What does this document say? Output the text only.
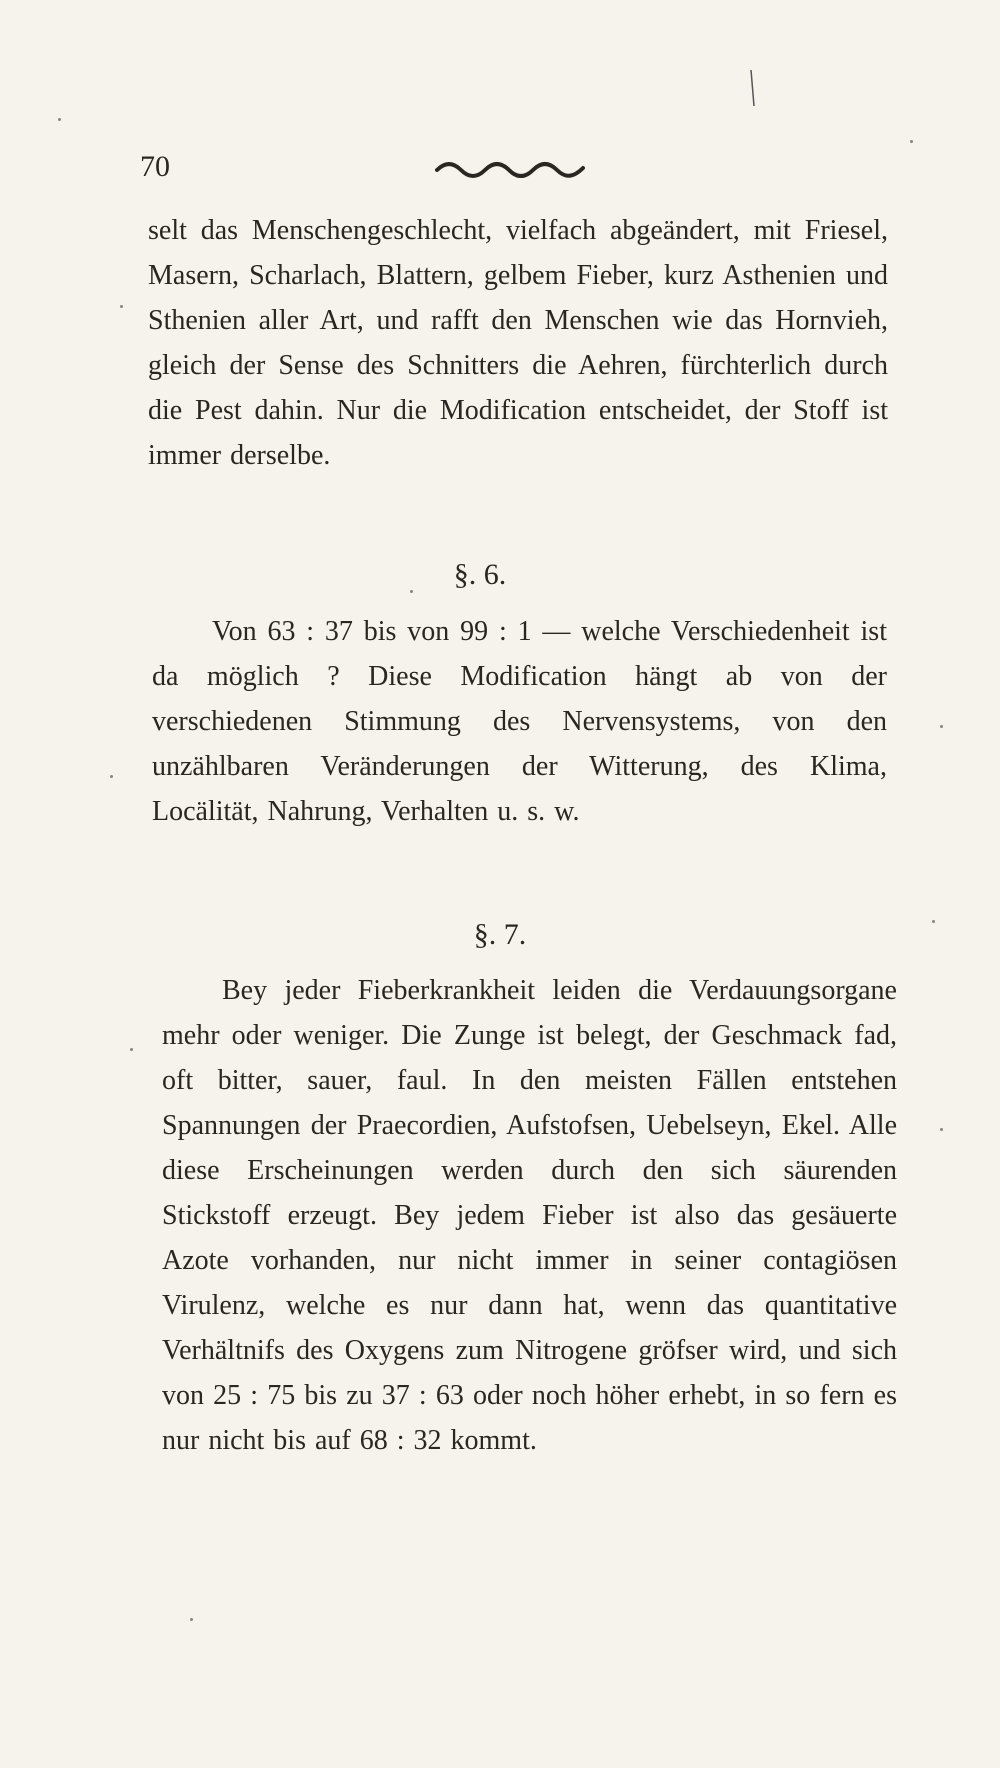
70
selt das Menschengeschlecht, vielfach abgeändert, mit Friesel, Masern, Scharlach, Blattern, gelbem Fieber, kurz Asthenien und Sthenien aller Art, und rafft den Menschen wie das Hornvieh, gleich der Sense des Schnitters die Aehren, fürchterlich durch die Pest dahin. Nur die Modification entscheidet, der Stoff ist immer derselbe.
§. 6.
Von 63 : 37 bis von 99 : 1 — welche Verschiedenheit ist da möglich ? Diese Modification hängt ab von der verschiedenen Stimmung des Nervensystems, von den unzählbaren Veränderungen der Witterung, des Klima, Locälität, Nahrung, Verhalten u. s. w.
§. 7.
Bey jeder Fieberkrankheit leiden die Verdauungsorgane mehr oder weniger. Die Zunge ist belegt, der Geschmack fad, oft bitter, sauer, faul. In den meisten Fällen entstehen Spannungen der Praecordien, Aufstofsen, Uebelseyn, Ekel. Alle diese Erscheinungen werden durch den sich säurenden Stickstoff erzeugt. Bey jedem Fieber ist also das gesäuerte Azote vorhanden, nur nicht immer in seiner contagiösen Virulenz, welche es nur dann hat, wenn das quantitative Verhältnifs des Oxygens zum Nitrogene gröfser wird, und sich von 25 : 75 bis zu 37 : 63 oder noch höher erhebt, in so fern es nur nicht bis auf 68 : 32 kommt.
